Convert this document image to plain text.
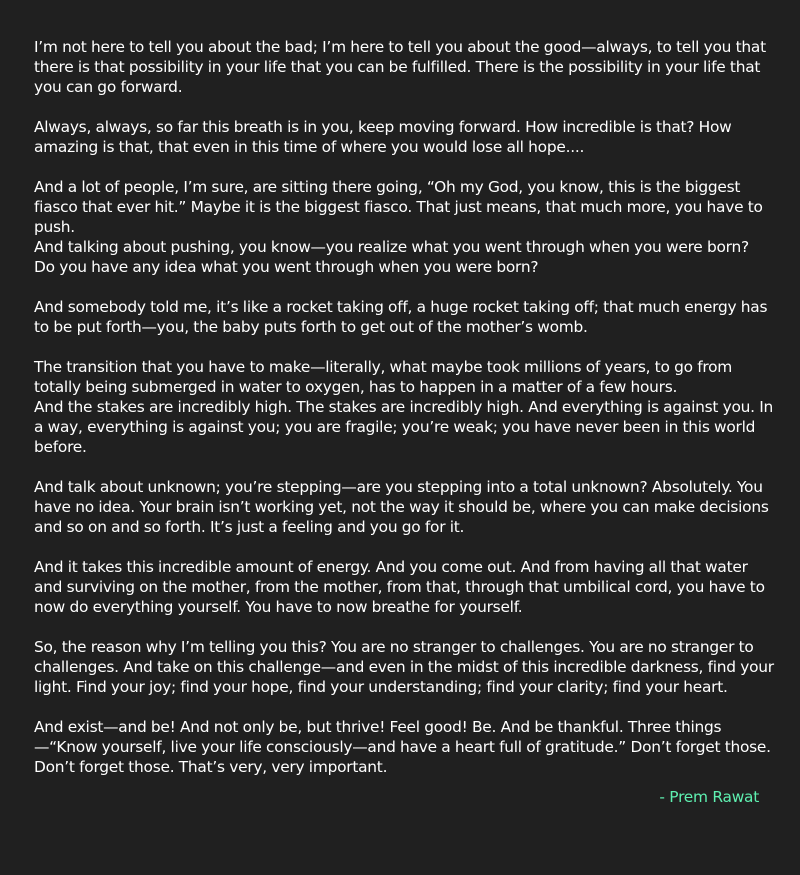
I’m not here to tell you about the bad; I’m here to tell you about the good—always, to tell you that there is that possibility in your life that you can be fulfilled. There is the possibility in your life that you can go forward.

Always, always, so far this breath is in you, keep moving forward. How incredible is that? How amazing is that, that even in this time of where you would lose all hope....

And a lot of people, I’m sure, are sitting there going, “Oh my God, you know, this is the biggest fiasco that ever hit.” Maybe it is the biggest fiasco. That just means, that much more, you have to push.

And talking about pushing, you know—you realize what you went through when you were born? Do you have any idea what you went through when you were born?

And somebody told me, it’s like a rocket taking off, a huge rocket taking off; that much energy has to be put forth—you, the baby puts forth to get out of the mother’s womb.

The transition that you have to make—literally, what maybe took millions of years, to go from totally being submerged in water to oxygen, has to happen in a matter of a few hours.

And the stakes are incredibly high. The stakes are incredibly high. And everything is against you. In a way, everything is against you; you are fragile; you’re weak; you have never been in this world before.

And talk about unknown; you’re stepping—are you stepping into a total unknown? Absolutely. You have no idea. Your brain isn’t working yet, not the way it should be, where you can make decisions and so on and so forth. It’s just a feeling and you go for it.

And it takes this incredible amount of energy. And you come out. And from having all that water and surviving on the mother, from the mother, from that, through that umbilical cord, you have to now do everything yourself. You have to now breathe for yourself.

So, the reason why I’m telling you this? You are no stranger to challenges. You are no stranger to challenges. And take on this challenge—and even in the midst of this incredible darkness, find your light. Find your joy; find your hope, find your understanding; find your clarity; find your heart.

And exist—and be! And not only be, but thrive! Feel good! Be. And be thankful. Three things—“Know yourself, live your life consciously—and have a heart full of gratitude.” Don’t forget those. Don’t forget those. That’s very, very important.

- Prem Rawat
